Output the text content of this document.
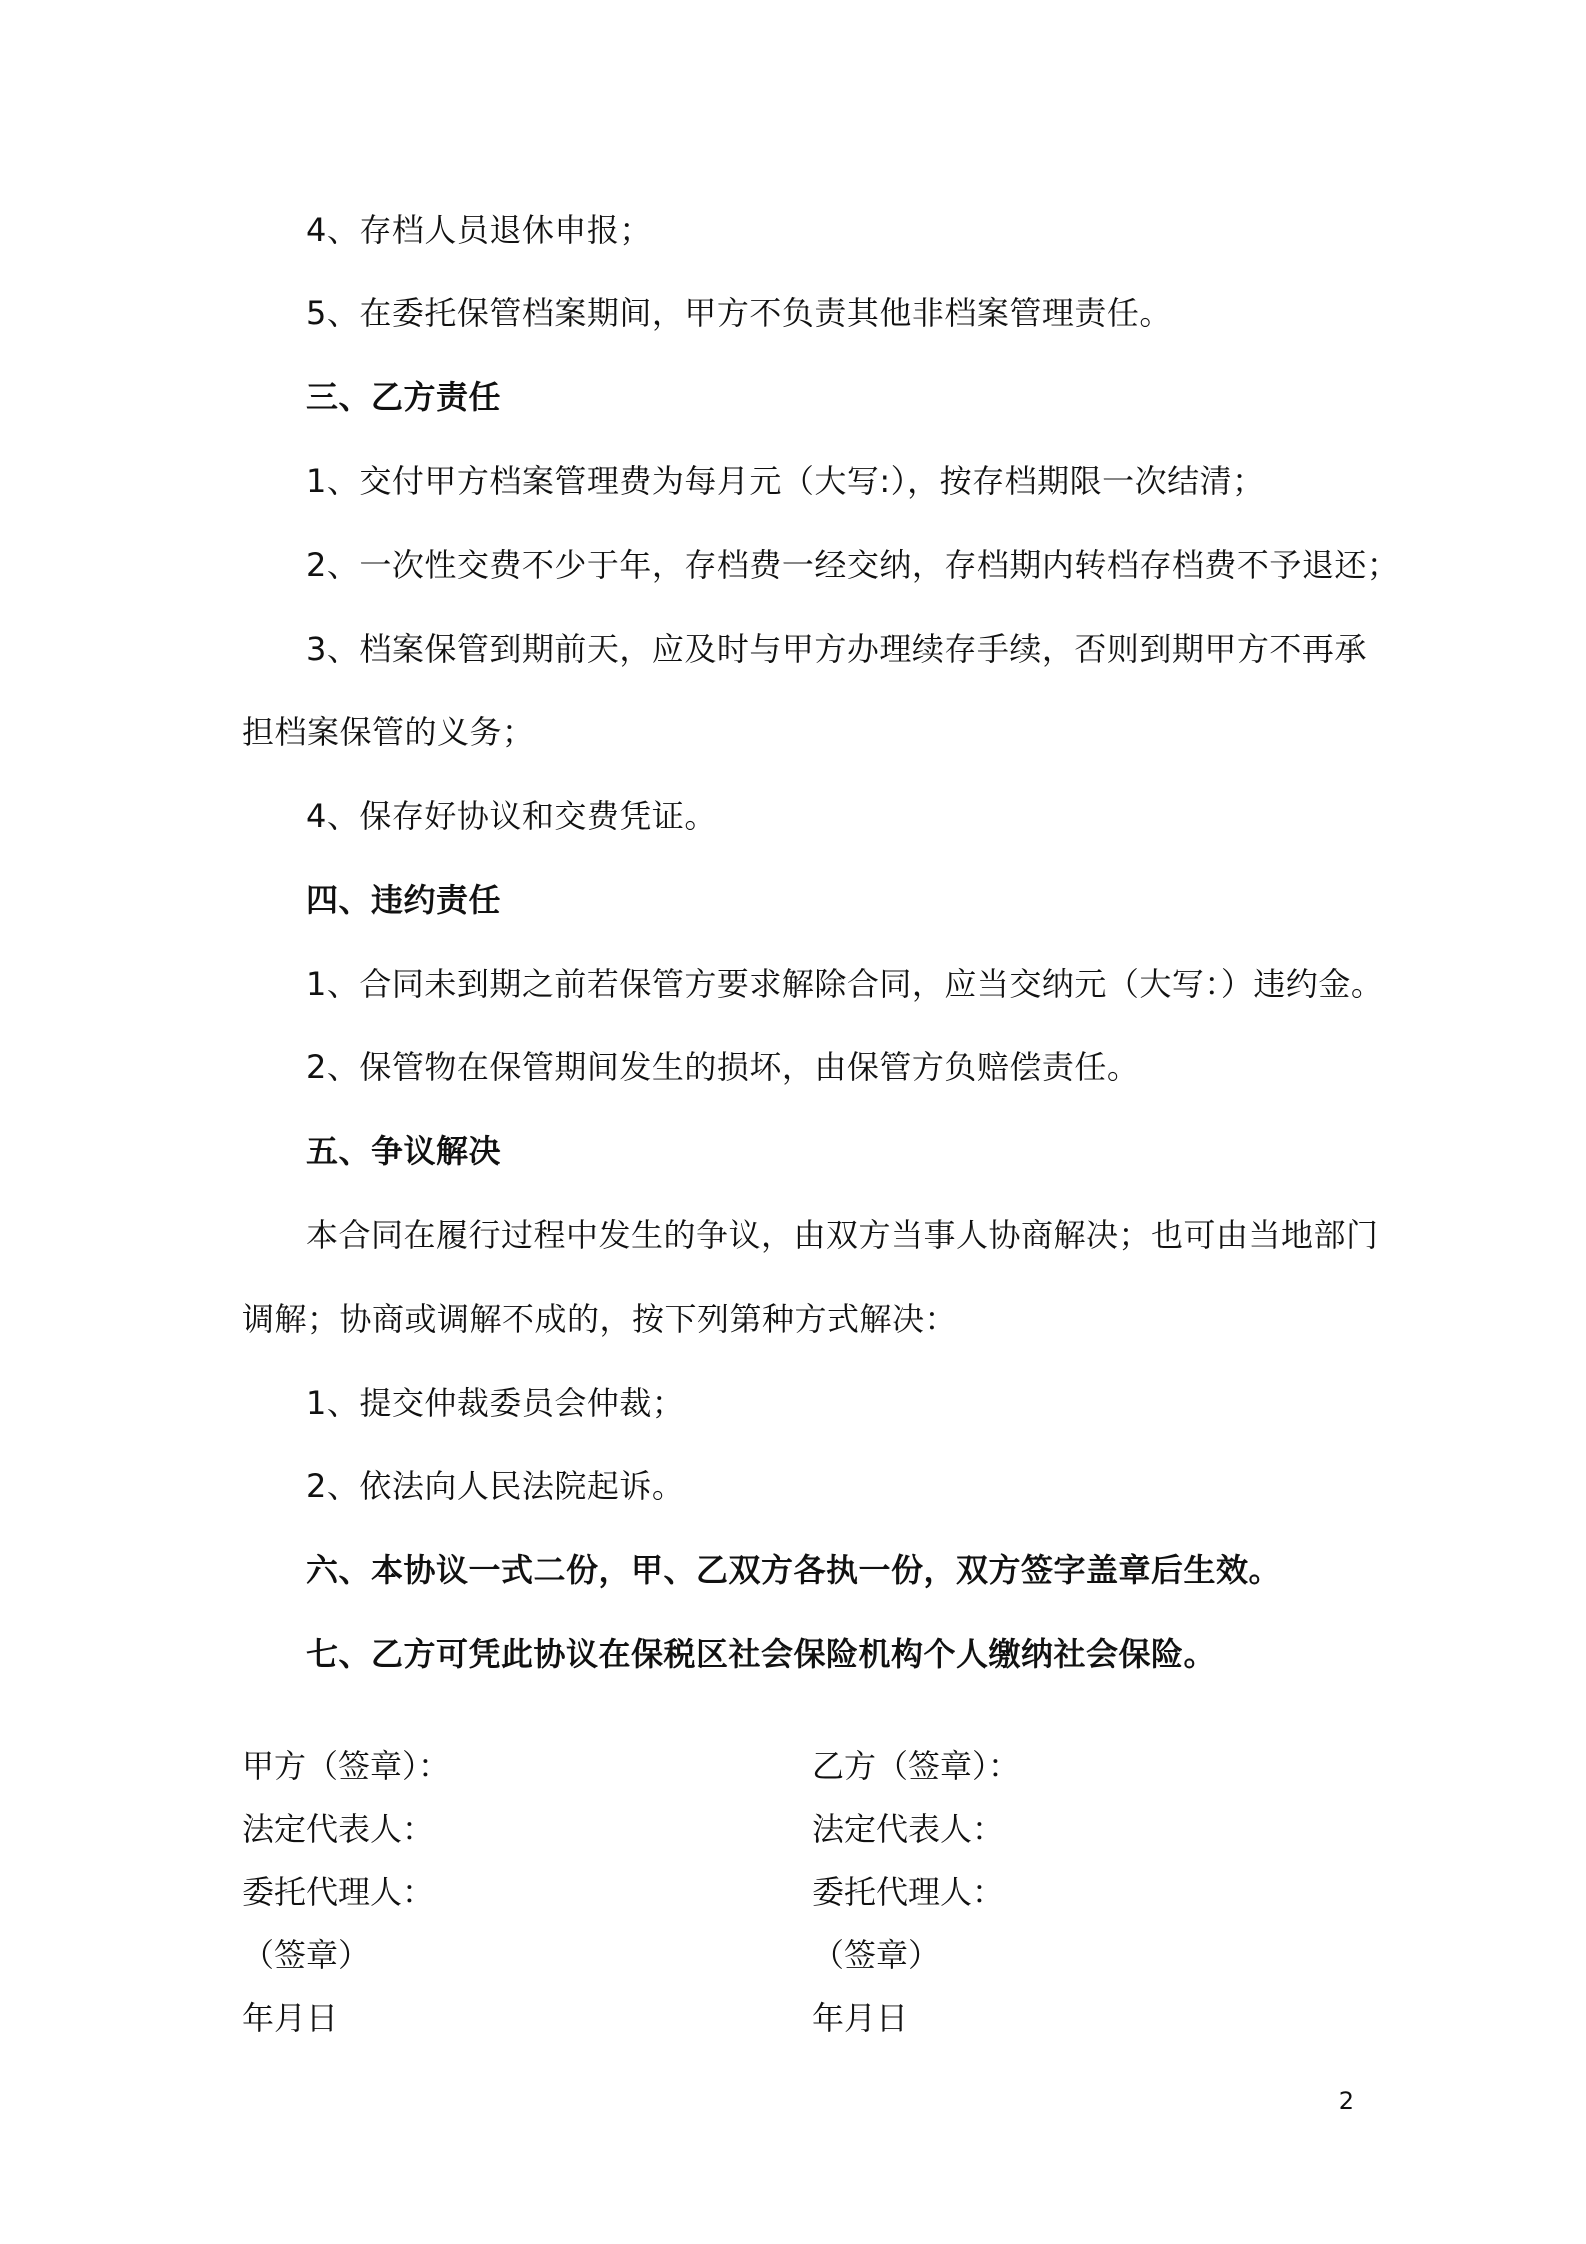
4、存档人员退休申报；
5、在委托保管档案期间，甲方不负责其他非档案管理责任。
三、乙方责任
1、交付甲方档案管理费为每月元（大写:），按存档期限一次结清；
2、一次性交费不少于年，存档费一经交纳，存档期内转档存档费不予退还；
3、档案保管到期前天，应及时与甲方办理续存手续，否则到期甲方不再承
担档案保管的义务；
4、保存好协议和交费凭证。
四、违约责任
1、合同未到期之前若保管方要求解除合同，应当交纳元（大写：）违约金。
2、保管物在保管期间发生的损坏，由保管方负赔偿责任。
五、争议解决
本合同在履行过程中发生的争议，由双方当事人协商解决；也可由当地部门
调解；协商或调解不成的，按下列第种方式解决：
1、提交仲裁委员会仲裁；
2、依法向人民法院起诉。
六、本协议一式二份，甲、乙双方各执一份，双方签字盖章后生效。
七、乙方可凭此协议在保税区社会保险机构个人缴纳社会保险。
甲方（签章）：
法定代表人：
委托代理人：
（签章）
年月日
乙方（签章）：
法定代表人：
委托代理人：
（签章）
年月日
2
